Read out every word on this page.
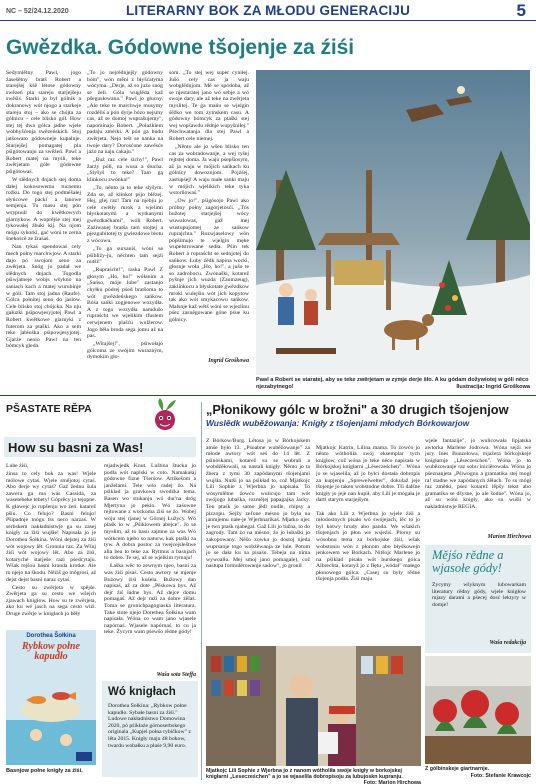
NC – 52/24.12.2020	LITERARNY BOK ZA MŁODU GENERACIJU	5
Gwězdka. Gódowne tšojenje za źiśi

Sedymlětny Pawl, jogo źasešětny bratš Robert a starejšej kśě lětose gódowny swězeń pla stareju starjejšeju swěśiś. Starki jo byl gólnik a dokranowy wót njogo a starkeje stareju stoj – ako se chójta za gólnicu – cele blisko gól. How stej tej dwa gólca jadne wjele wobhyšćenja swězeńskich. Stoj jatšowato gódowneje kupalnje. Starjejšej pomagatej pla pśigótowanju za swěźeń. Pawl a Robert matej na myśli, teke zwěrjetam góle gódowne pśigótowaś.

W slědnych dnjach stej doma dałej kokosowemu tucnemu rožku. Do togo stej podméšałej słyńcowe packi a lanowe semjenja. Tu masu stej pón wsypnuli do kwětkowych giarnykow. A woprějśe stej mej tykowałej źbuki kij. Na njom mógu sykorki, gać wóni te zerna śnekoścě ze žraśaś.

Nan tykaś spendowaś cely mech połny marchwjow. A starki dajo pó swojom seno za zwěrjeta. Snóg jo padał we slědnych dnjach. Togodla pśiwjatneje wobjs wšykno na saniach kach a matej wurubinje w góli. Tam stoj jadna (Raufe). Gólca połnitej seno do jaslow. Cele blisko stoj chójcka. Na nju gałuzki pśipowjesyjotej Pawl a Robert kwětkowe giarnyki z futerom za ptaški. Ako a sem teke jabłuška pśipowjesyjotej. Gjarźe nenio Pawl na ten bómcyk gleda.

„To jo nejrědnjejšy gódowny bóm", wón měni z błyšćatyma wócyma. „Derje, až so jużo snóg se źeli. Góla wuglěda kaž pšegusłowana." Pawl jo głucny. „Ale teke te marchwje musymy rozděliś a pón dyrje bózo nejsmy cas, až se domoj wuprašujemy", napominajo Robert. „Połażkiem padaju zmérki. A pón ga budu zwěrjeta. Nejo tešt se nanka na twoje dary? Dorosćone zawěsće jażo na naju cakaju."

„Buź raz cele śichy!", Pawl žarży póll, na wusa a śłucha. „Slyšyš to teke? Tam gą klinkocu zwónka!"

„To, něnto ja to teke slyšym. Zda se, až klinkot pśjo blězej. Hej, glej raz! Tam na njebju jo cele swětły mrok z wjelimi błyskotatymi a wytkanymi gwězdkačkami", wóli Robert. Zaźiwanej bratša tam stojtej a pjezgubitotej ty gwiezdowe błotu z wócowu.

„To ga sursaniś, wóni se pśibližy-ju, něchten tam sejźi nutši!"

„Rupraścht!", raska Pawl Z głosym „Ho, ho!" wółanim a „Sańso, móje lube" zastanjo chyłku pódrej pśed bratšoma to wót gwězdeńskego sańkow. Bóśa sańki zogjenowe wozydła. A z togo wozydła namdušo rupraścht we wjelikim tfustem cerwjenem plašću wulžerow. Jogo běła broda sega jomu až na pas.

„Witajśej!", pśiwołajo gólcoma ze swójim wurazným, dymokim gło-

som. „To stej wej super cyniłej. Jušo cely cas ja waju wobglědujom. Mě se spódoba, až se njestaratej jano wó sebje a wó swoje dary, ale až teke na zwěrjeta myslitej. Te ga mańu se wjelgin śěžko we tom zymskem casu. A gódowny bómcyk za ptaški stej wej wopśawdu rědnje wupyšniłej." Pśechwatanja dla stej Pawl a Robert cele niemej.

„Něnto ale jo wšen blisko ten cas za wobradowanje, a wej tyšej rejtstej doma. Ja waju pśepšiosym, až ja waju w mójich sańkach ku gólnicy dowoznjom. Pójźśej, zastupśej! A waju małe sanki maju w mójich wjelikich teke tyka wstorňowaś."

„Ow jo!", pśigósojo Pawl ako próbny połny zagórjetosći. „Tós bužotej starjejšej wócy wuwalowaś, gaž mej wustupujomej ze sańkow ruprajchta." Rozwjaselowy wón pópšimujo te wjelgin męke wupelstrowane sedła. Pśin tek Robert a rupraścht se sednjotej do sańkow. Łuby źědk napina wocki, głosnje woła „Ho, ho!", a jušo te so zadrobocu. Zwónaški, kotarež pyšnje jich wuzda (Zaumzeug), zaklinkocu a błyskotate gwězdkow mroki wulejšiu wót jich kopytow tak ako wót smykacowu sańkow. Malsnje kaž wětš wóni se wjezlinu pśez zasněgowane góne pśue ku gólnicy.

Ingrid Groškowa
Pawl a Robert se staratej, aby se teke zwěrjetam w zymje derje šło. A ku gódam dožywiotej w góli něco njezabytnego!	Ilustracija: Ingrid Groškowa
PŠASTATE RĚPA
How su basni za Was!

Lube źiśi,

źinsa to cely bok za was! Wjele mólowe cytaś. Wjele smějotoj cytaś. Abo derje wy cytaś? Gaž žednu šula zawera ga ma wás Cassidá, za wasetebeke tebety! Góprěcy jo tejopne. K gławejc jo rupšenju wo źeń. katarež pšiu. Co felujo? Basni felujo! Pšipadnje mógu tss neco narzaś. W serbskem nakładnistwje ga su zasej knigły za źiśi wujšłe! Napisała jo je Dorothea Šołkina. Wóni dejstej za źiśi wót wojowy lět. Gronnia raz. Za Wšuj źiśi wót wojowy lět. Abo za źiśi, kotaryché starješe razi pśedcytaju. Wšak rejšou basni kranda krotke. Ale to njejo na škodu. Něźiš go mógrosi, až dejst dejst basni naraz cytaś.

Cesto su zwěrjeta w spějśe. Zwěrjeta ga su cesto we wšejch zjawach knigłow. How su te zwěrjeta, ako ku wé jasch na sega cesto wiźi. Druge zwěrje w knigłach jo běły

mjadwjedk Knut. Luština štucka jo podla wót naplski w coto. Namakałaj gódowne fizne Tšerśow. Artikešom a janželami. Tele wšo radej źo. Ná pśiklad ja gravkowa swodźka tema. Basen wo stukanju wó dur'na dróg Mjertyna jo peklo. Wó zaśowne rejtowane z wockoma źiśi se źo. Wobej wóju stej rjanej w Górnej Łužycy. Wó plaśk io w „Pśiklowem abejce". Jo se mysłim, až to basu zajmne za was Wó wótkcem njebo so naturw, kak ptaški za tyw. A dobra postoc za rwejcejsleštwe alla bea to teke za. Rytmus a basnjach to dobre. Te sej, až se wjelkim rymaju!

Łaška wěc to zewnym njeo, basni za was źiśi pisaś. Cesto awtory se mjenje Bużowy źiśi kuśela. Bužowy dan napisaś, až za dote „Pěskowa bys. Až dejr źiś ładne bys. Až dejce domu pomagaś. Až dejr raźi za dobre źělaś. Toma se gronichpagogiaska literatura. Take stote njejo Doretheа Šołkina wam napisała. Wóna co wam jano wjasele napórnaś. Wjasele napórnaś, to cu ja teke. Žycym wam pśewšo rědne gódy!

Waša sota Steffa
Dorothea Šołkina
Rybkow połne kapudło
Basnjow połne knigły za źiśi.
Wó knigłach

Dorothea Šołkina: „Rybkow połne kapudło. Sybałe basni za źiśi." Ludowe nakładnistwo Domowina 2020, pó pśikłaźe górnoserbskego originala „Kupjel połna rybičkow" z lěta 2015. Knigły maju 48 bokow, twardu wobałku a płaśe 9,90 euro.

„Płonikowy gólc w brožni" a 30 drugich tšojenjow
Wuslědk wuběźowanja: Knigły z tšojenjami młodych Bórkowarjow

Z Bórkow/Burg. Lětosa jo w Bórkojskem amśe było 13. „Pśoabne wuběźowanje" za młode awtory wót seś do 14 lět. Z pśinoskami, kotarež su se wubrali a wobdźěłowali, su nastali knigły. Něnto jo ta žbera z tymi 30 zapódanymi tšojenjami wujšła. Nutši jo na pśikład to, což Mjatkojc Lili Sophie z Wjerbna jo napisała. To wósymlětne źowćo wulicujo tam wót swójogo lubaška, rozmějej papagajka Jacky. Ten ptaśk jo samo jědl nudle, chipsy a pizzopu. Sejžy zeľone mésno jo była na janmjemu nałe-je Wjerbnarikaś. Mjatko njec je twn ptaśk njabegal. Gaž Lili jo tužna, to do zagrody. Tam źo na mésno, źo jo łubaški jo zakopowany. Něšo zowka jo dostoj njeda wuprsanje togo wobźěwanja ze lule. Potom jo se dała ku sa pisaśu. Tebeja na nima wywoalła. Mej smoj jano pomagale), což nastupa formulěrowanje sadow", jo gronił

Mjatkojc Katrin, Lilina mama. To źowćo jo něnto wótholiła swój eksemplar tych knigłow, což wóna jo teke něco napisała w Bórkojskej knigłarni „Lěsecześchen" . Wóna jo se wjaselila, až jo byłci dostała dobropis za kupjenju „Sprewelwelter", dokulaž jeje tšojenje jo taken wobstodne dobre. Tši dalšne knigły jo jeje nan kupił, aby Lili je mógała je darti staryrn starjejšym.

Tak ako Lili z Wjerbna jo wjele źiśi a młodostnych pisało wó swójejach, lěc to jo byl kotwy hrudy abo panda. We wšakich tšojenjach jo płon we wsjeźiś. Ploruy su wósobnu tema za borkojske źiśi, wšak wobstoniu wón z płonom abo błyśkowejn jenkowem we Bórkach. Nitšojc Marlene jo na pśiklad pisała wót burskego gólca Albrechta, kotaryž jo z fłętu „wódał" małego płonowego gólca. „Casej su były rědne tšojenja podła. Źiśi maju

wjele fantazije", jo wulicowała lipjatska awtorka Marlene Jodrowa. Wóna sejźi we jury. Ines Bunzelowa, mjaźera bórkojskeje knigłarnje „Lěsecześchen". Wóna jo to wubězowanje raz sobu iniciěrowała. Wóna jo pśeznanjeta „Pśiwognu a gramatika stej mogł ra! stadne we zapódanych źěłach. To su mógł raz změtki, pśez kotarež lěpšy tekst abo gramatika se dšysne, jo ale šodne". Wóna jo, až su wóni knigły, ako su wušli w nakladnistwje REGIA.

Marion Hirchowa
Mějśo rědne a wjasołe gódy!

Žycymy wšyknym lubowarkam literatury rědny gódy, wjele knigłow mjazy darami a pśecej dosć lektyry w domje!

Waša redakcija
Mjatkojc Lili Sophie z Wjerbna jo z nanom wótholiła swóje knigły w borkojskej knigłarni „Lesecześchen" a jo se wjaselila dobropisoju za lubujoskn kupranju.
Foto: Marion Hirchowa
Z gólbinskeje giartnarnje.
Foto: Stefanie Krawcojc
